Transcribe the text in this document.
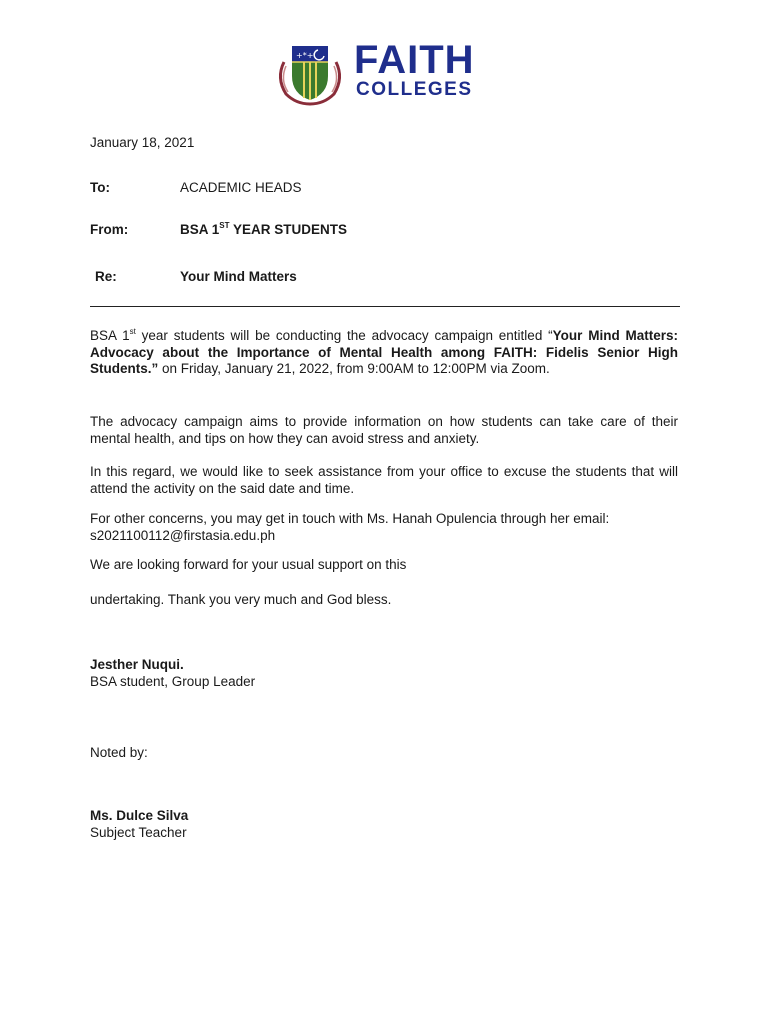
+*+ FAITH
COLLEGES
January 18, 2021
To:	ACADEMIC HEADS
From:	BSA 1ST YEAR STUDENTS
Re:	Your Mind Matters
BSA 1st year students will be conducting the advocacy campaign entitled “Your Mind Matters: Advocacy about the Importance of Mental Health among FAITH: Fidelis Senior High Students.” on Friday, January 21, 2022, from 9:00AM to 12:00PM via Zoom.
The advocacy campaign aims to provide information on how students can take care of their mental health, and tips on how they can avoid stress and anxiety.
In this regard, we would like to seek assistance from your office to excuse the students that will attend the activity on the said date and time.
For other concerns, you may get in touch with Ms. Hanah Opulencia through her email:
s2021100112@firstasia.edu.ph
We are looking forward for your usual support on this
undertaking. Thank you very much and God bless.
Jesther Nuqui.
BSA student, Group Leader
Noted by:
Ms. Dulce Silva
Subject Teacher
